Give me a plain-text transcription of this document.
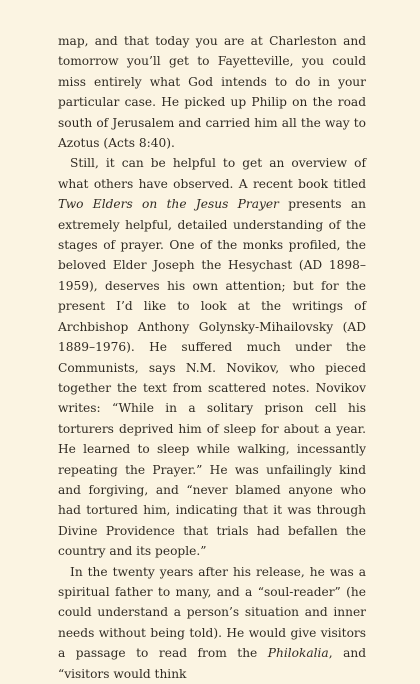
map, and that today you are at Charleston and tomorrow you’ll get to Fayetteville, you could miss entirely what God intends to do in your particular case. He picked up Philip on the road south of Jerusalem and carried him all the way to Azotus (Acts 8:40).

Still, it can be helpful to get an overview of what others have observed. A recent book titled Two Elders on the Jesus Prayer presents an extremely helpful, detailed understanding of the stages of prayer. One of the monks profiled, the beloved Elder Joseph the Hesychast (AD 1898–1959), deserves his own attention; but for the present I’d like to look at the writings of Archbishop Anthony Golynsky-Mihailovsky (AD 1889–1976). He suffered much under the Communists, says N.M. Novikov, who pieced together the text from scattered notes. Novikov writes: “While in a solitary prison cell his torturers deprived him of sleep for about a year. He learned to sleep while walking, incessantly repeating the Prayer.” He was unfailingly kind and forgiving, and “never blamed anyone who had tortured him, indicating that it was through Divine Providence that trials had befallen the country and its people.”

In the twenty years after his release, he was a spiritual father to many, and a “soul-reader” (he could understand a person’s situation and inner needs without being told). He would give visitors a passage to read from the Philokalia, and “visitors would think
